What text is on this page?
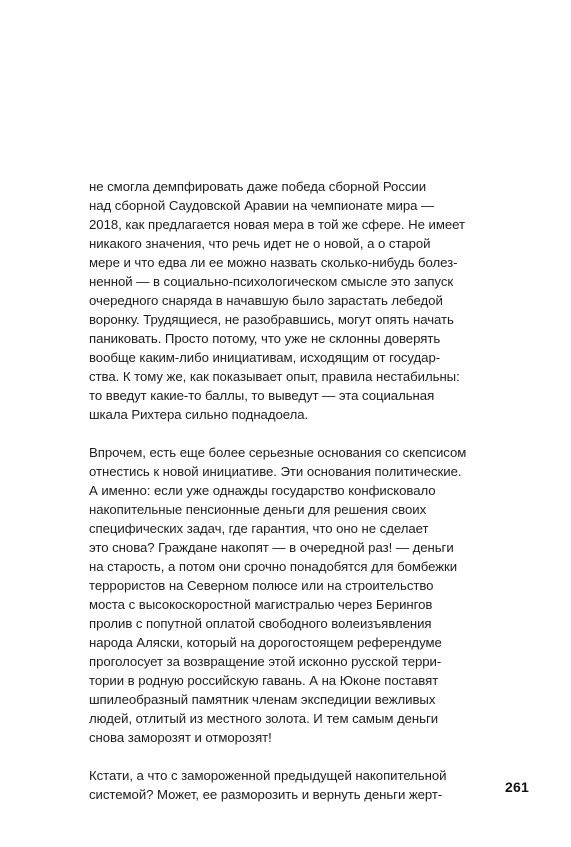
не смогла демпфировать даже победа сборной России
над сборной Саудовской Аравии на чемпионате мира —
2018, как предлагается новая мера в той же сфере. Не имеет
никакого значения, что речь идет не о новой, а о старой
мере и что едва ли ее можно назвать сколько-нибудь болез-
ненной — в социально-психологическом смысле это запуск
очередного снаряда в начавшую было зарастать лебедой
воронку. Трудящиеся, не разобравшись, могут опять начать
паниковать. Просто потому, что уже не склонны доверять
вообще каким-либо инициативам, исходящим от государ-
ства. К тому же, как показывает опыт, правила нестабильны:
то введут какие-то баллы, то выведут — эта социальная
шкала Рихтера сильно поднадоела.

Впрочем, есть еще более серьезные основания со скепсисом
отнестись к новой инициативе. Эти основания политические.
А именно: если уже однажды государство конфисковало
накопительные пенсионные деньги для решения своих
специфических задач, где гарантия, что оно не сделает
это снова? Граждане накопят — в очередной раз! — деньги
на старость, а потом они срочно понадобятся для бомбежки
террористов на Северном полюсе или на строительство
моста с высокоскоростной магистралью через Берингов
пролив с попутной оплатой свободного волеизъявления
народа Аляски, который на дорогостоящем референдуме
проголосует за возвращение этой исконно русской терри-
тории в родную российскую гавань. А на Юконе поставят
шпилеобразный памятник членам экспедиции вежливых
людей, отлитый из местного золота. И тем самым деньги
снова заморозят и отморозят!

Кстати, а что с замороженной предыдущей накопительной
системой? Может, ее разморозить и вернуть деньги жерт-	261
